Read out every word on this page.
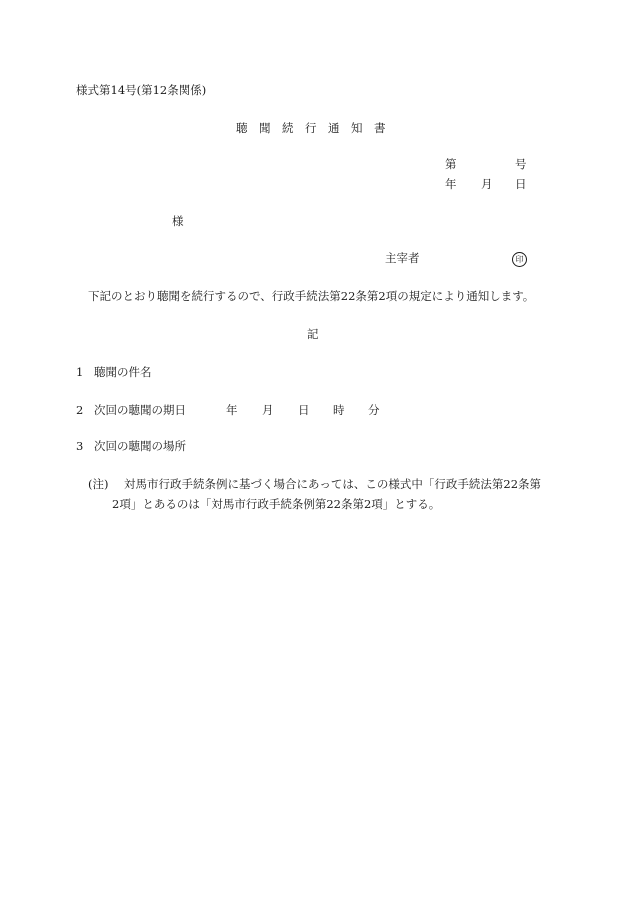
様式第14号(第12条関係)
聴　聞　続　行　通　知　書
第	号
年 月 日
様
主宰者	印
下記のとおり聴聞を続行するので、行政手続法第22条第2項の規定により通知します。
記
1 聴聞の件名
2 次回の聴聞の期日	年 月 日 時 分
3 次回の聴聞の場所
(注) 対馬市行政手続条例に基づく場合にあっては、この様式中「行政手続法第22条第
2項」とあるのは「対馬市行政手続条例第22条第2項」とする。
